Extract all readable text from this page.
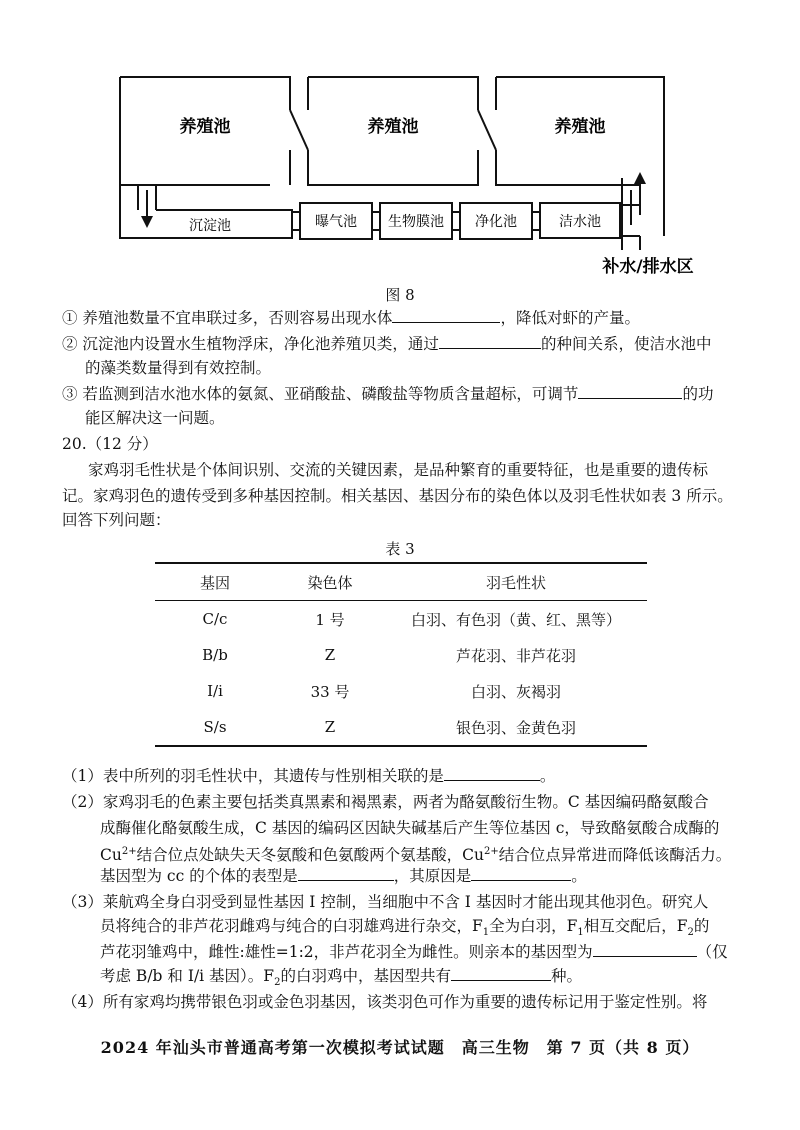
养殖池	养殖池	养殖池
沉淀池	曝气池 生物膜池 净化池	洁水池
补水/排水区
图 8
① 养殖池数量不宜串联过多，否则容易出现水体	，降低对虾的产量。
② 沉淀池内设置水生植物浮床，净化池养殖贝类，通过	的种间关系，使洁水池中
的藻类数量得到有效控制。
③ 若监测到洁水池水体的氨氮、亚硝酸盐、磷酸盐等物质含量超标，可调节	的功
能区解决这一问题。
20.（12 分）
家鸡羽毛性状是个体间识别、交流的关键因素，是品种繁育的重要特征，也是重要的遗传标
记。家鸡羽色的遗传受到多种基因控制。相关基因、基因分布的染色体以及羽毛性状如表 3 所示。
回答下列问题：
表 3
基因	染色体	羽毛性状
C/c	1 号	白羽、有色羽（黄、红、黑等）
B/b	Z	芦花羽、非芦花羽
I/i	33 号	白羽、灰褐羽
S/s	Z	银色羽、金黄色羽
（1）表中所列的羽毛性状中，其遗传与性别相关联的是	。
（2）家鸡羽毛的色素主要包括类真黑素和褐黑素，两者为酪氨酸衍生物。C 基因编码酪氨酸合
成酶催化酪氨酸生成，C 基因的编码区因缺失碱基后产生等位基因 c，导致酪氨酸合成酶的
$Cu^{2+}$结合位点处缺失天冬氨酸和色氨酸两个氨基酸，$Cu^{2+}$结合位点异常进而降低该酶活力。
基因型为 cc 的个体的表型是	，其原因是	。
（3）莱航鸡全身白羽受到显性基因 I 控制，当细胞中不含 I 基因时才能出现其他羽色。研究人
员将纯合的非芦花羽雌鸡与纯合的白羽雄鸡进行杂交，$F_1$全为白羽，$F_1$相互交配后，$F_2$的
芦花羽雏鸡中，雌性:雄性=1:2，非芦花羽全为雌性。则亲本的基因型为	（仅
考虑 B/b 和 I/i 基因）。$F_2$的白羽鸡中，基因型共有	种。
（4）所有家鸡均携带银色羽或金色羽基因，该类羽色可作为重要的遗传标记用于鉴定性别。将
2024 年汕头市普通高考第一次模拟考试试题　高三生物　第 7 页（共 8 页）
